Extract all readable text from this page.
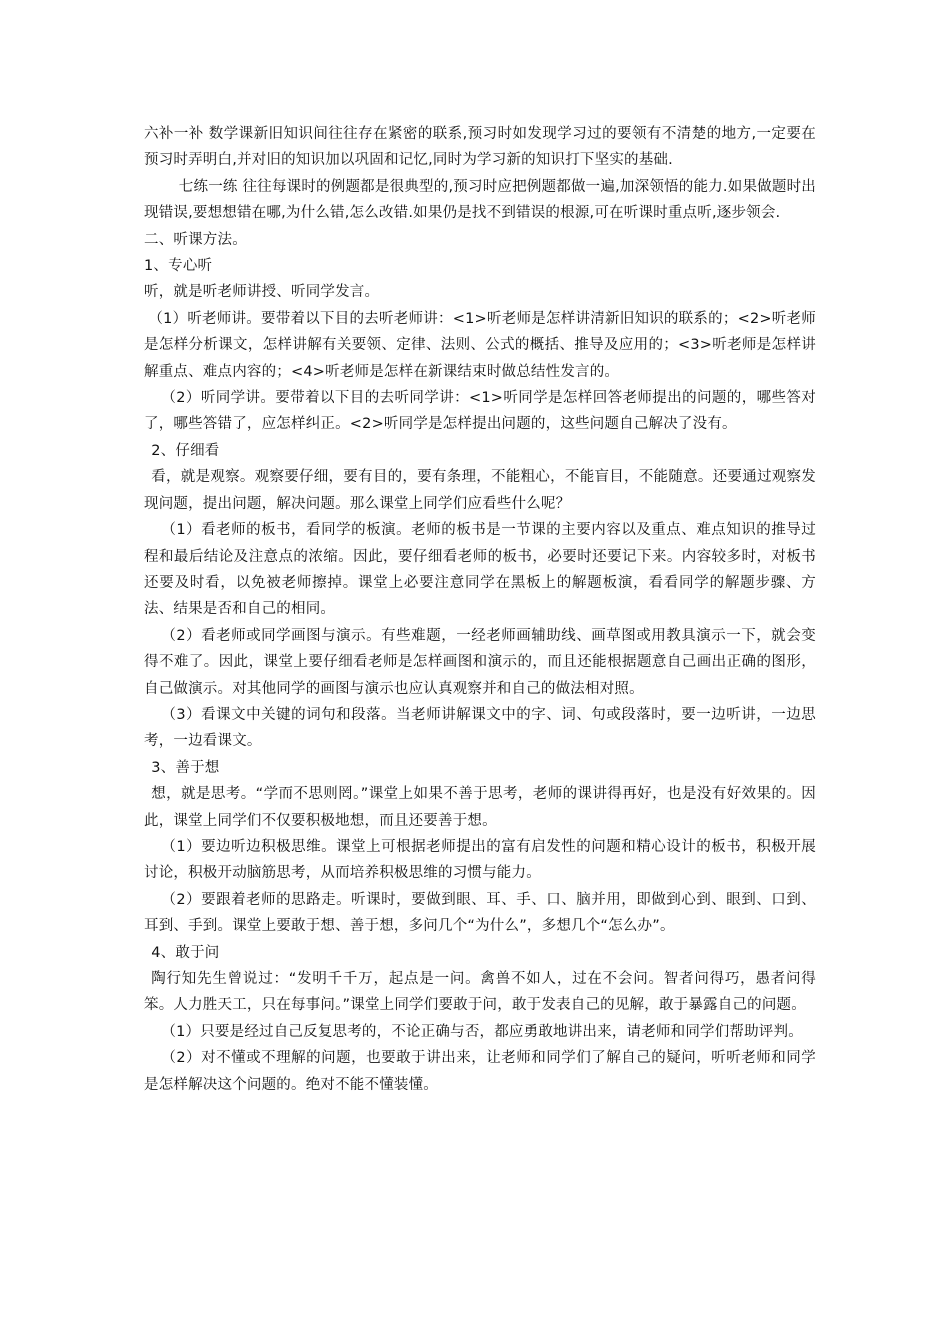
六补一补 数学课新旧知识间往往存在紧密的联系,预习时如发现学习过的要领有不清楚的地方,一定要在预习时弄明白,并对旧的知识加以巩固和记忆,同时为学习新的知识打下坚实的基础.

七练一练 往往每课时的例题都是很典型的,预习时应把例题都做一遍,加深领悟的能力.如果做题时出现错误,要想想错在哪,为什么错,怎么改错.如果仍是找不到错误的根源,可在听课时重点听,逐步领会.

二、听课方法。

1、专心听

听，就是听老师讲授、听同学发言。

（1）听老师讲。要带着以下目的去听老师讲：<1>听老师是怎样讲清新旧知识的联系的；<2>听老师是怎样分析课文，怎样讲解有关要领、定律、法则、公式的概括、推导及应用的；<3>听老师是怎样讲解重点、难点内容的；<4>听老师是怎样在新课结束时做总结性发言的。

（2）听同学讲。要带着以下目的去听同学讲：<1>听同学是怎样回答老师提出的问题的，哪些答对了，哪些答错了，应怎样纠正。<2>听同学是怎样提出问题的，这些问题自己解决了没有。

2、仔细看

看，就是观察。观察要仔细，要有目的，要有条理，不能粗心，不能盲目，不能随意。还要通过观察发现问题，提出问题，解决问题。那么课堂上同学们应看些什么呢？

（1）看老师的板书，看同学的板演。老师的板书是一节课的主要内容以及重点、难点知识的推导过程和最后结论及注意点的浓缩。因此，要仔细看老师的板书，必要时还要记下来。内容较多时，对板书还要及时看，以免被老师擦掉。课堂上必要注意同学在黑板上的解题板演，看看同学的解题步骤、方法、结果是否和自己的相同。

（2）看老师或同学画图与演示。有些难题，一经老师画辅助线、画草图或用教具演示一下，就会变得不难了。因此，课堂上要仔细看老师是怎样画图和演示的，而且还能根据题意自己画出正确的图形，自己做演示。对其他同学的画图与演示也应认真观察并和自己的做法相对照。

（3）看课文中关键的词句和段落。当老师讲解课文中的字、词、句或段落时，要一边听讲，一边思考，一边看课文。

3、善于想

想，就是思考。“学而不思则罔。”课堂上如果不善于思考，老师的课讲得再好，也是没有好效果的。因此，课堂上同学们不仅要积极地想，而且还要善于想。

（1）要边听边积极思维。课堂上可根据老师提出的富有启发性的问题和精心设计的板书，积极开展讨论，积极开动脑筋思考，从而培养积极思维的习惯与能力。

（2）要跟着老师的思路走。听课时，要做到眼、耳、手、口、脑并用，即做到心到、眼到、口到、耳到、手到。课堂上要敢于想、善于想，多问几个“为什么”，多想几个“怎么办”。

4、敢于问

陶行知先生曾说过：“发明千千万，起点是一问。禽兽不如人，过在不会问。智者问得巧，愚者问得笨。人力胜天工，只在每事问。”课堂上同学们要敢于问，敢于发表自己的见解，敢于暴露自己的问题。

（1）只要是经过自己反复思考的，不论正确与否，都应勇敢地讲出来，请老师和同学们帮助评判。

（2）对不懂或不理解的问题，也要敢于讲出来，让老师和同学们了解自己的疑问，听听老师和同学是怎样解决这个问题的。绝对不能不懂装懂。
